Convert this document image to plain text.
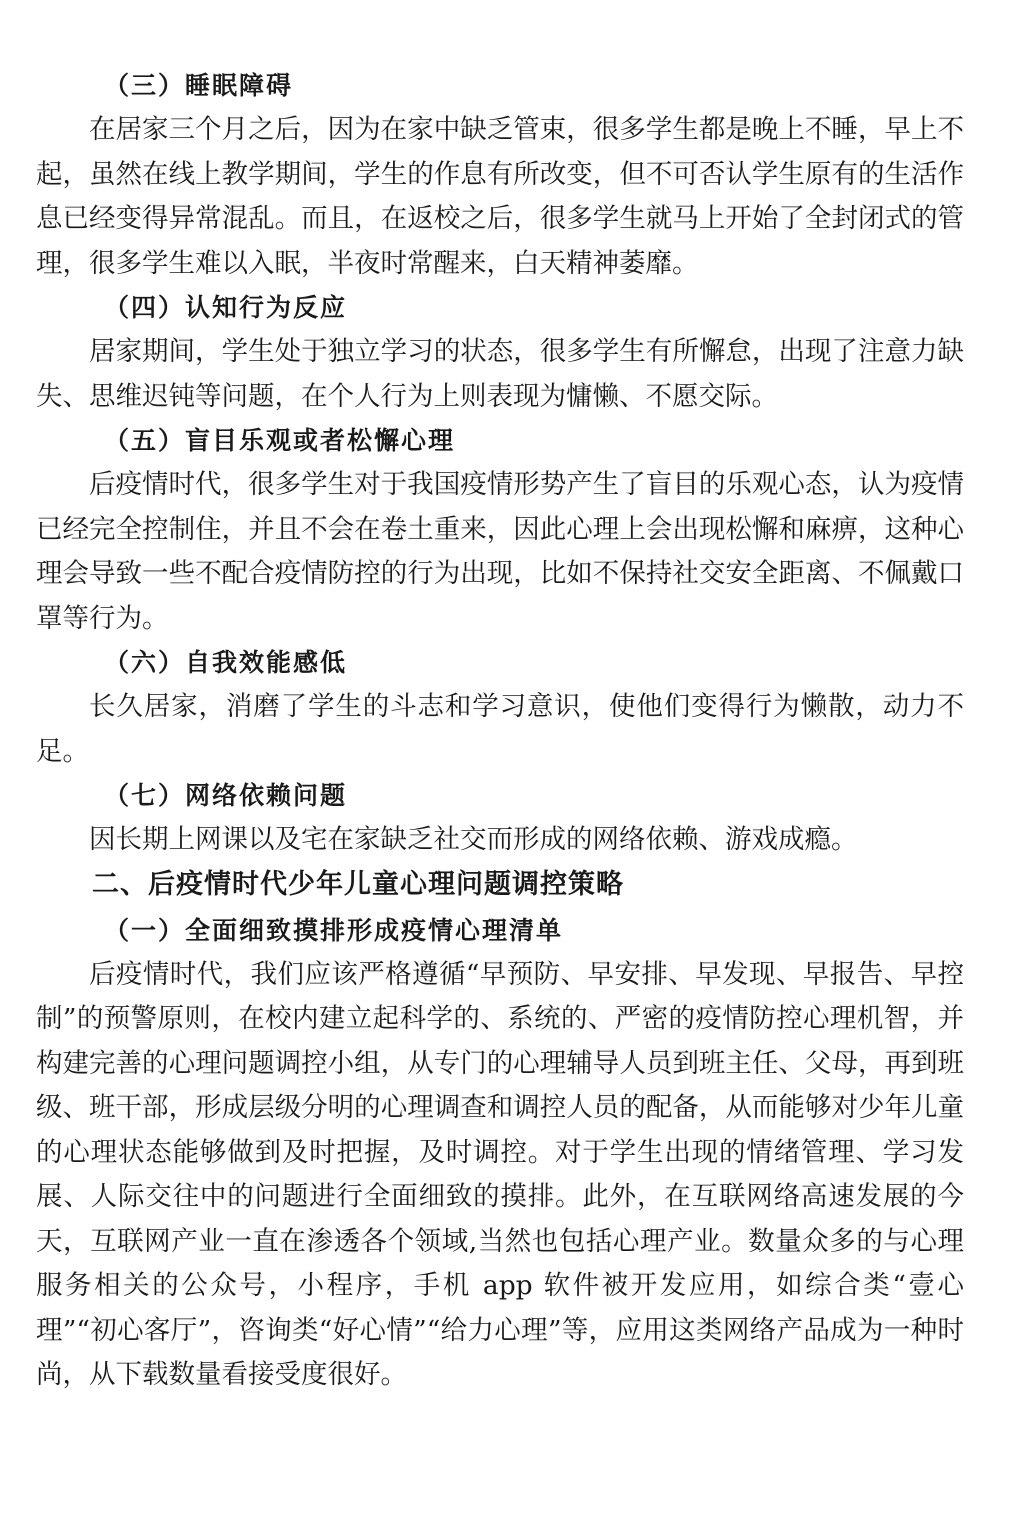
（三）睡眠障碍

在居家三个月之后，因为在家中缺乏管束，很多学生都是晚上不睡，早上不起，虽然在线上教学期间，学生的作息有所改变，但不可否认学生原有的生活作息已经变得异常混乱。而且，在返校之后，很多学生就马上开始了全封闭式的管理，很多学生难以入眠，半夜时常醒来，白天精神萎靡。

（四）认知行为反应

居家期间，学生处于独立学习的状态，很多学生有所懈怠，出现了注意力缺失、思维迟钝等问题，在个人行为上则表现为慵懒、不愿交际。

（五）盲目乐观或者松懈心理

后疫情时代，很多学生对于我国疫情形势产生了盲目的乐观心态，认为疫情已经完全控制住，并且不会在卷土重来，因此心理上会出现松懈和麻痹，这种心理会导致一些不配合疫情防控的行为出现，比如不保持社交安全距离、不佩戴口罩等行为。

（六）自我效能感低

长久居家，消磨了学生的斗志和学习意识，使他们变得行为懒散，动力不足。

（七）网络依赖问题

因长期上网课以及宅在家缺乏社交而形成的网络依赖、游戏成瘾。

二、后疫情时代少年儿童心理问题调控策略
（一）全面细致摸排形成疫情心理清单

后疫情时代，我们应该严格遵循“早预防、早安排、早发现、早报告、早控制”的预警原则，在校内建立起科学的、系统的、严密的疫情防控心理机智，并构建完善的心理问题调控小组，从专门的心理辅导人员到班主任、父母，再到班级、班干部，形成层级分明的心理调查和调控人员的配备，从而能够对少年儿童的心理状态能够做到及时把握，及时调控。对于学生出现的情绪管理、学习发展、人际交往中的问题进行全面细致的摸排。此外，在互联网络高速发展的今天，互联网产业一直在渗透各个领域,当然也包括心理产业。数量众多的与心理服务相关的公众号，小程序，手机 app 软件被开发应用，如综合类“壹心理”“初心客厅”，咨询类“好心情”“给力心理”等，应用这类网络产品成为一种时尚，从下载数量看接受度很好。
